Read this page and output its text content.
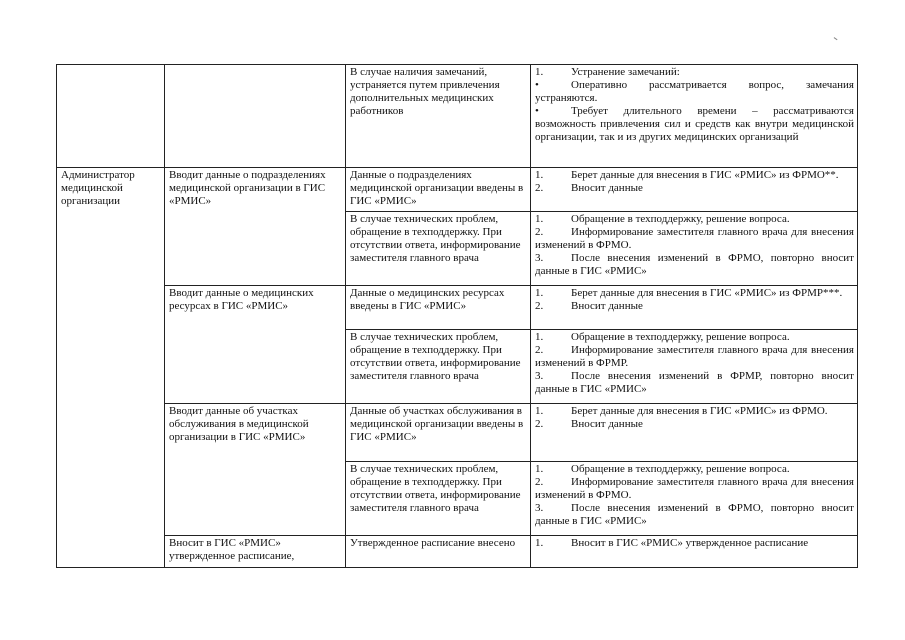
		В случае наличия замечаний, устраняется путем привлечения дополнительных медицинских работников	1. Устранение замечаний:
• Оперативно рассматривается вопрос, замечания устраняются.
• Требует длительного времени – рассматриваются возможность привлечения сил и средств как внутри медицинской организации, так и из других медицинских организаций

Администратор медицинской организации	Вводит данные о подразделениях медицинской организации в ГИС «РМИС»	Данные о подразделениях медицинской организации введены в ГИС «РМИС»	1. Берет данные для внесения в ГИС «РМИС» из ФРМО**.
2. Вносит данные

		В случае технических проблем, обращение в техподдержку. При отсутствии ответа, информирование заместителя главного врача	1. Обращение в техподдержку, решение вопроса.
2. Информирование заместителя главного врача для внесения изменений в ФРМО.
3. После внесения изменений в ФРМО, повторно вносит данные в ГИС «РМИС»

	Вводит данные о медицинских ресурсах в ГИС «РМИС»	Данные о медицинских ресурсах введены в ГИС «РМИС»	1. Берет данные для внесения в ГИС «РМИС» из ФРМР***.
2. Вносит данные

		В случае технических проблем, обращение в техподдержку. При отсутствии ответа, информирование заместителя главного врача	1. Обращение в техподдержку, решение вопроса.
2. Информирование заместителя главного врача для внесения изменений в ФРМР.
3. После внесения изменений в ФРМР, повторно вносит данные в ГИС «РМИС»

	Вводит данные об участках обслуживания в медицинской организации в ГИС «РМИС»	Данные об участках обслуживания в медицинской организации введены в ГИС «РМИС»	1. Берет данные для внесения в ГИС «РМИС» из ФРМО.
2. Вносит данные

		В случае технических проблем, обращение в техподдержку. При отсутствии ответа, информирование заместителя главного врача	1. Обращение в техподдержку, решение вопроса.
2. Информирование заместителя главного врача для внесения изменений в ФРМО.
3. После внесения изменений в ФРМО, повторно вносит данные в ГИС «РМИС»

	Вносит в ГИС «РМИС» утвержденное расписание,	Утвержденное расписание внесено	1. Вносит в ГИС «РМИС» утвержденное расписание
